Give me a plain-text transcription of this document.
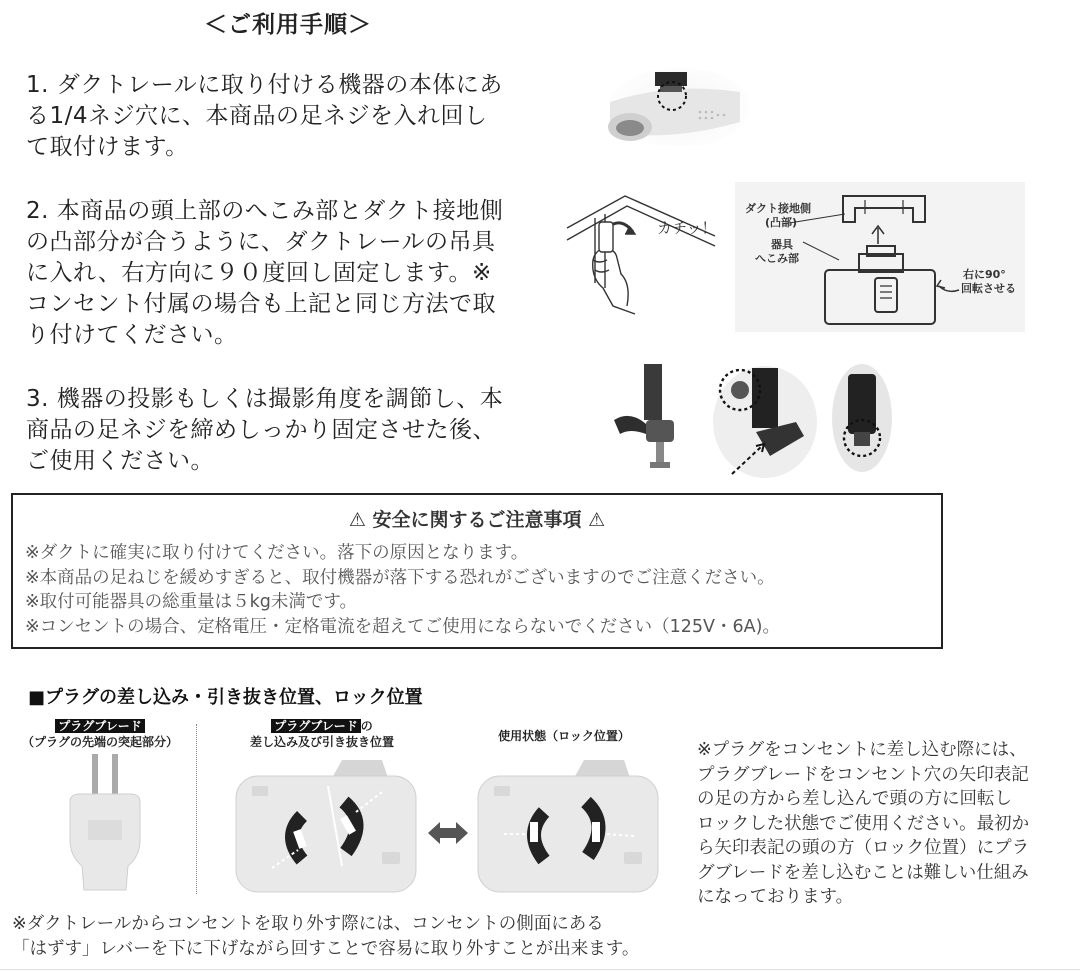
＜ご利用手順＞
1. ダクトレールに取り付ける機器の本体にあ
る1/4ネジ穴に、本商品の足ネジを入れ回し
て取付けます。
2. 本商品の頭上部のへこみ部とダクト接地側
の凸部分が合うように、ダクトレールの吊具
に入れ、右方向に９０度回し固定します。※
コンセント付属の場合も上記と同じ方法で取
り付けてください。
カチッ！
ダクト接地側
(凸部)
器具
へこみ部
右に90°
回転させる
3. 機器の投影もしくは撮影角度を調節し、本
商品の足ネジを締めしっかり固定させた後、
ご使用ください。
⚠ 安全に関するご注意事項 ⚠
※ダクトに確実に取り付けてください。落下の原因となります。
※本商品の足ねじを緩めすぎると、取付機器が落下する恐れがございますのでご注意ください。
※取付可能器具の総重量は５kg未満です。
※コンセントの場合、定格電圧・定格電流を超えてご使用にならないでください（125V・6A)。
■プラグの差し込み・引き抜き位置、ロック位置
プラグブレード
（プラグの先端の突起部分）
プラグブレード の
差し込み及び引き抜き位置	使用状態（ロック位置）
※プラグをコンセントに差し込む際には、
プラグブレードをコンセント穴の矢印表記
の足の方から差し込んで頭の方に回転し
ロックした状態でご使用ください。最初か
ら矢印表記の頭の方（ロック位置）にプラ
グブレードを差し込むことは難しい仕組み
になっております。
※ダクトレールからコンセントを取り外す際には、コンセントの側面にある
「はずす」レバーを下に下げながら回すことで容易に取り外すことが出来ます。
